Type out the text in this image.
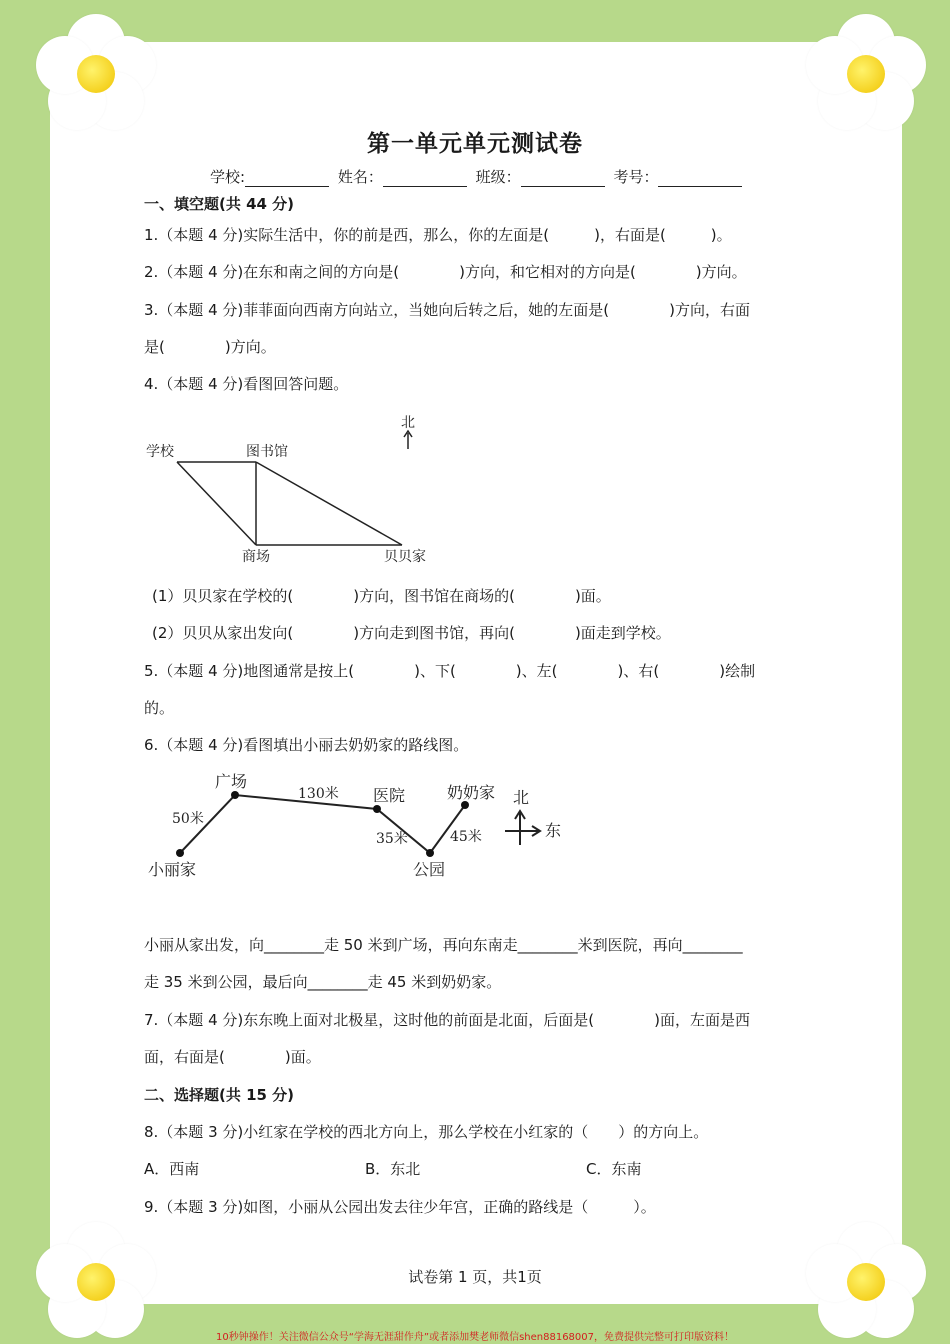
第一单元单元测试卷
学校:	姓名：	班级：	考号：
一、填空题(共 44 分)
1.（本题 4 分)实际生活中，你的前是西，那么，你的左面是(　　　)，右面是(　　　)。
2.（本题 4 分)在东和南之间的方向是(　　　　)方向，和它相对的方向是(　　　　)方向。
3.（本题 4 分)菲菲面向西南方向站立，当她向后转之后，她的左面是(　　　　)方向，右面
是(　　　　)方向。
4.（本题 4 分)看图回答问题。
学校	图书馆
商场	贝贝家
北
(1）贝贝家在学校的(　　　　)方向，图书馆在商场的(　　　　)面。
(2）贝贝从家出发向(　　　　)方向走到图书馆，再向(　　　　)面走到学校。
5.（本题 4 分)地图通常是按上(　　　　)、下(　　　　)、左(　　　　)、右(　　　　)绘制
的。
6.（本题 4 分)看图填出小丽去奶奶家的路线图。
小丽家
广场
医院
公园
奶奶家
50米
130米
35米	45米
北
东
小丽从家出发，向________走 50 米到广场，再向东南走________米到医院，再向________
走 35 米到公园，最后向________走 45 米到奶奶家。
7.（本题 4 分)东东晚上面对北极星，这时他的前面是北面，后面是(　　　　)面，左面是西
面，右面是(　　　　)面。
二、选择题(共 15 分)
8.（本题 3 分)小红家在学校的西北方向上，那么学校在小红家的（　　）的方向上。
A．西南	B．东北	C．东南
9.（本题 3 分)如图，小丽从公园出发去往少年宫，正确的路线是（　　　）。
试卷第 1 页，共1页
10秒钟操作！关注微信公众号“学海无涯甜作舟”或者添加樊老师微信shen88168007，免费提供完整可打印版资料！
